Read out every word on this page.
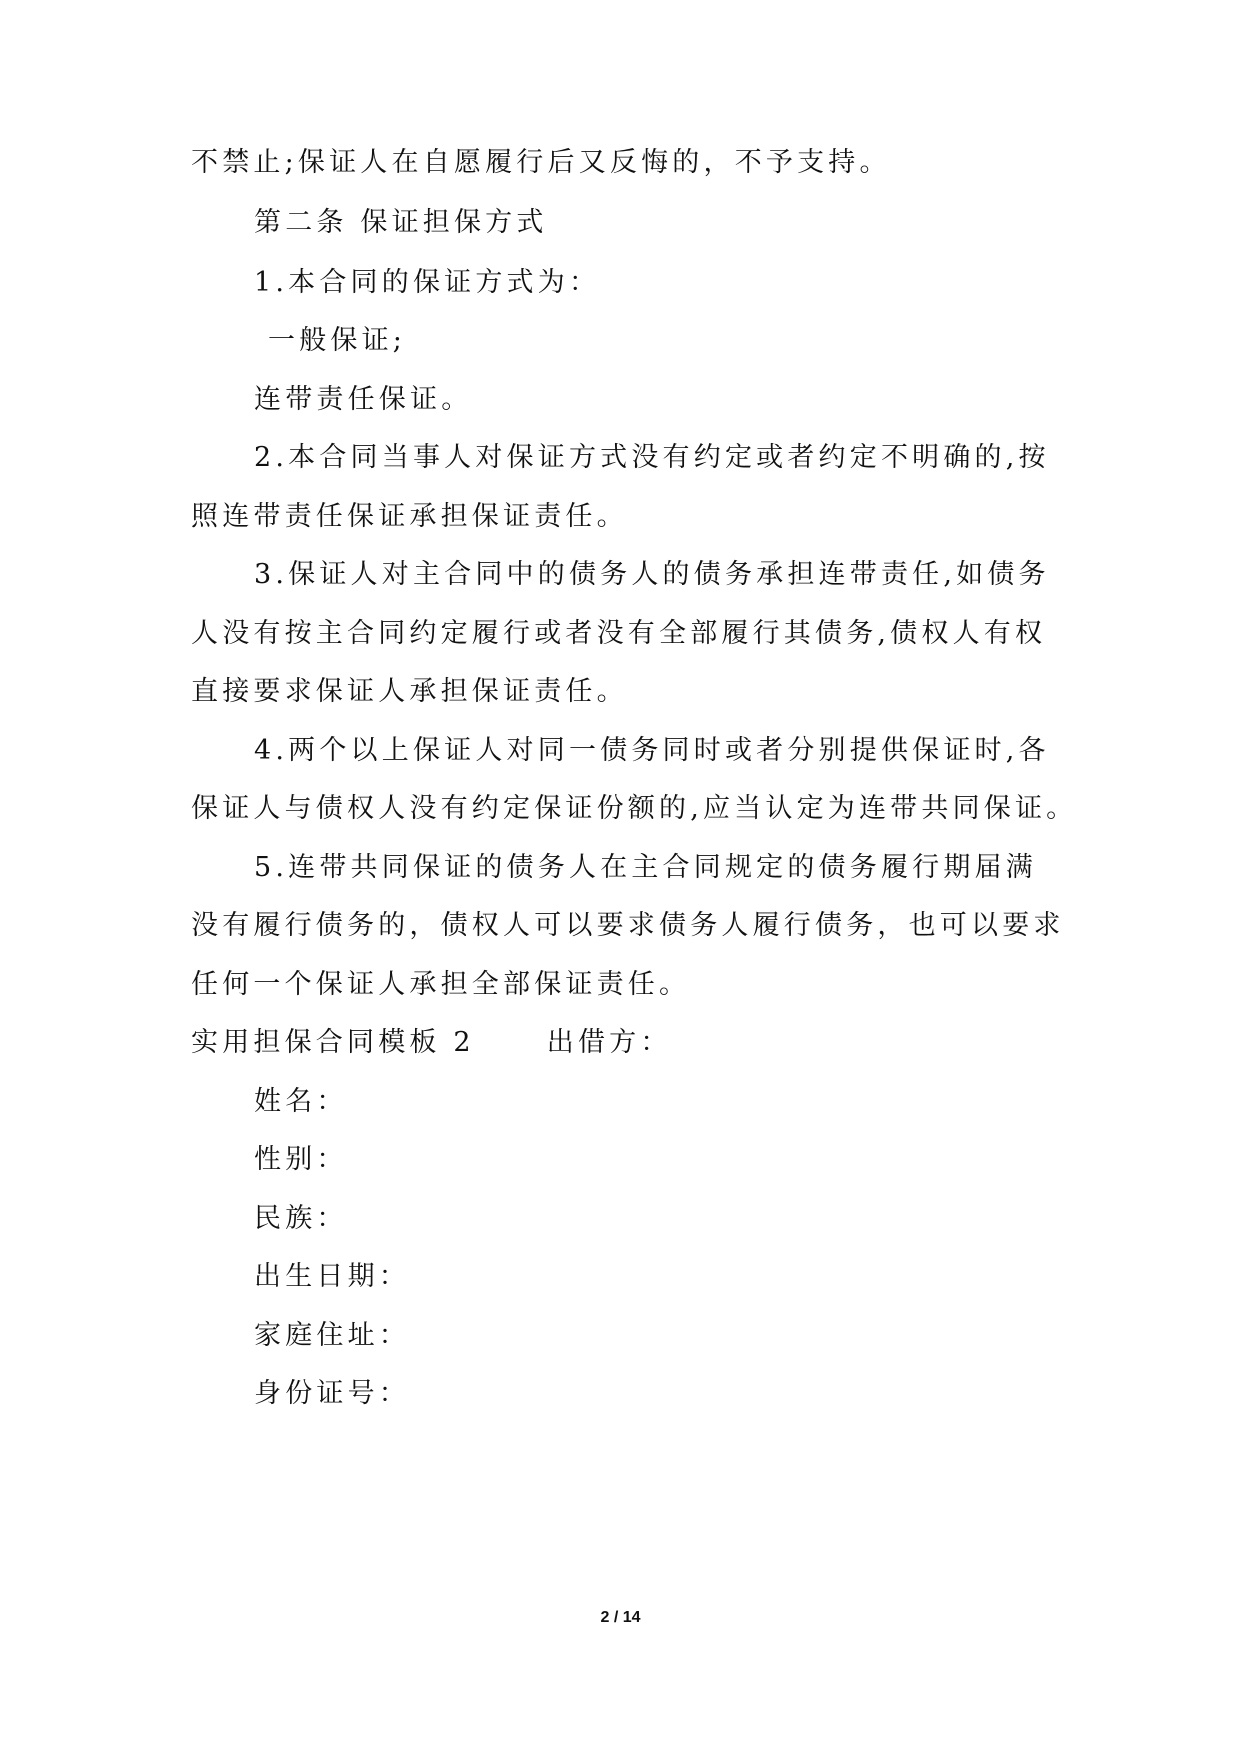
不禁止;保证人在自愿履行后又反悔的，不予支持。
第二条 保证担保方式
1.本合同的保证方式为：
一般保证;
连带责任保证。
2.本合同当事人对保证方式没有约定或者约定不明确的,按
照连带责任保证承担保证责任。
3.保证人对主合同中的债务人的债务承担连带责任,如债务
人没有按主合同约定履行或者没有全部履行其债务,债权人有权
直接要求保证人承担保证责任。
4.两个以上保证人对同一债务同时或者分别提供保证时,各
保证人与债权人没有约定保证份额的,应当认定为连带共同保证。
5.连带共同保证的债务人在主合同规定的债务履行期届满
没有履行债务的，债权人可以要求债务人履行债务，也可以要求
任何一个保证人承担全部保证责任。
实用担保合同模板 2	出借方：
姓名：
性别：
民族：
出生日期：
家庭住址：
身份证号：
2 / 14
